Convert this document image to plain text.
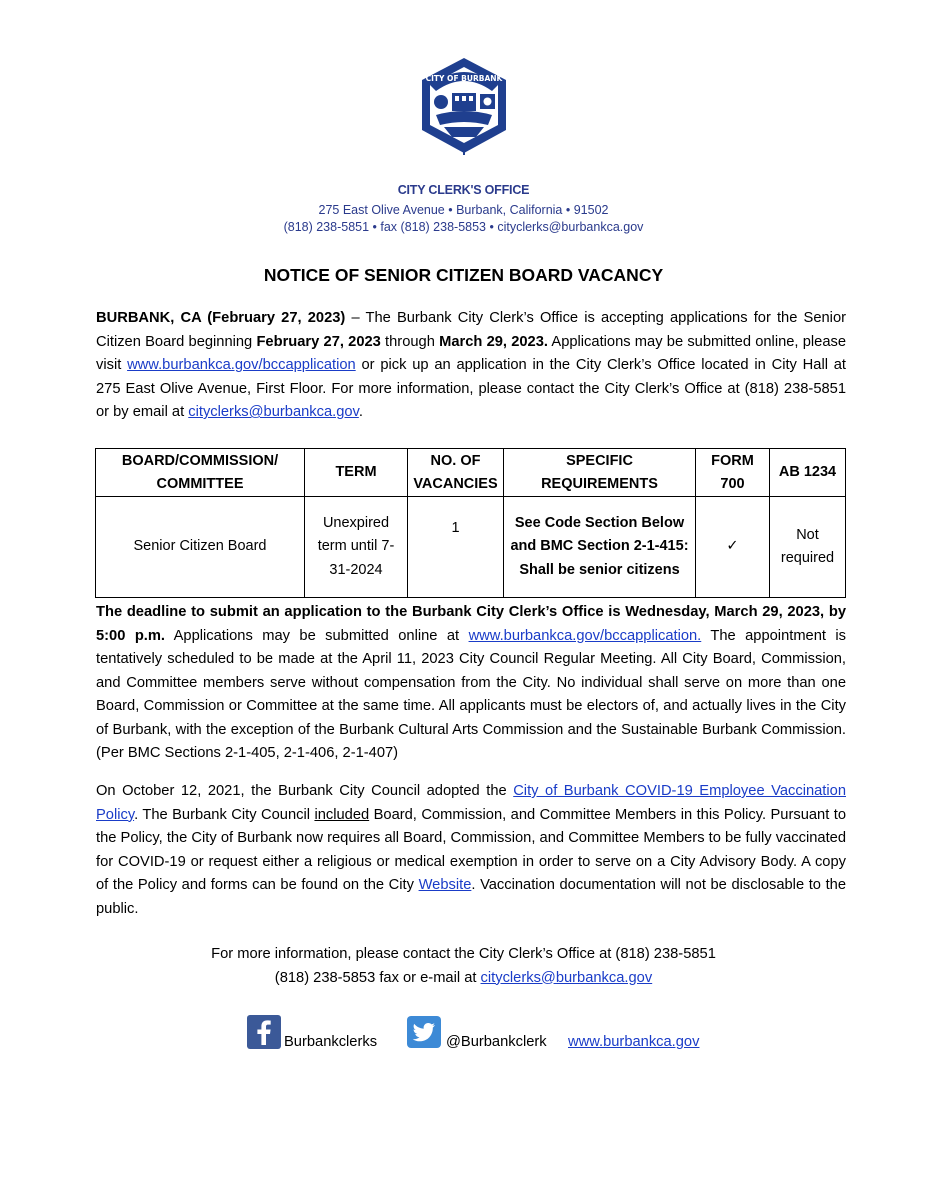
CITY OF BURBANK
CITY CLERK'S OFFICE
275 East Olive Avenue • Burbank, California • 91502
(818) 238-5851 • fax (818) 238-5853 • cityclerks@burbankca.gov
NOTICE OF SENIOR CITIZEN BOARD VACANCY
BURBANK, CA (February 27, 2023) – The Burbank City Clerk’s Office is accepting applications for the Senior Citizen Board beginning February 27, 2023 through March 29, 2023. Applications may be submitted online, please visit www.burbankca.gov/bccapplication or pick up an application in the City Clerk’s Office located in City Hall at 275 East Olive Avenue, First Floor. For more information, please contact the City Clerk’s Office at (818) 238-5851 or by email at cityclerks@burbankca.gov.
BOARD/COMMISSION/ COMMITTEE	TERM	NO. OF VACANCIES	SPECIFIC REQUIREMENTS	FORM 700	AB 1234
Senior Citizen Board	Unexpired term until 7-31-2024	1	See Code Section Below and BMC Section 2-1-415: Shall be senior citizens	✓	Not required
The deadline to submit an application to the Burbank City Clerk’s Office is Wednesday, March 29, 2023, by 5:00 p.m. Applications may be submitted online at www.burbankca.gov/bccapplication. The appointment is tentatively scheduled to be made at the April 11, 2023 City Council Regular Meeting. All City Board, Commission, and Committee members serve without compensation from the City. No individual shall serve on more than one Board, Commission or Committee at the same time. All applicants must be electors of, and actually lives in the City of Burbank, with the exception of the Burbank Cultural Arts Commission and the Sustainable Burbank Commission. (Per BMC Sections 2-1-405, 2-1-406, 2-1-407)
On October 12, 2021, the Burbank City Council adopted the City of Burbank COVID-19 Employee Vaccination Policy. The Burbank City Council included Board, Commission, and Committee Members in this Policy. Pursuant to the Policy, the City of Burbank now requires all Board, Commission, and Committee Members to be fully vaccinated for COVID-19 or request either a religious or medical exemption in order to serve on a City Advisory Body. A copy of the Policy and forms can be found on the City Website. Vaccination documentation will not be disclosable to the public.
For more information, please contact the City Clerk’s Office at (818) 238-5851
(818) 238-5853 fax or e-mail at cityclerks@burbankca.gov
Burbankclerks	@Burbankclerk www.burbankca.gov
